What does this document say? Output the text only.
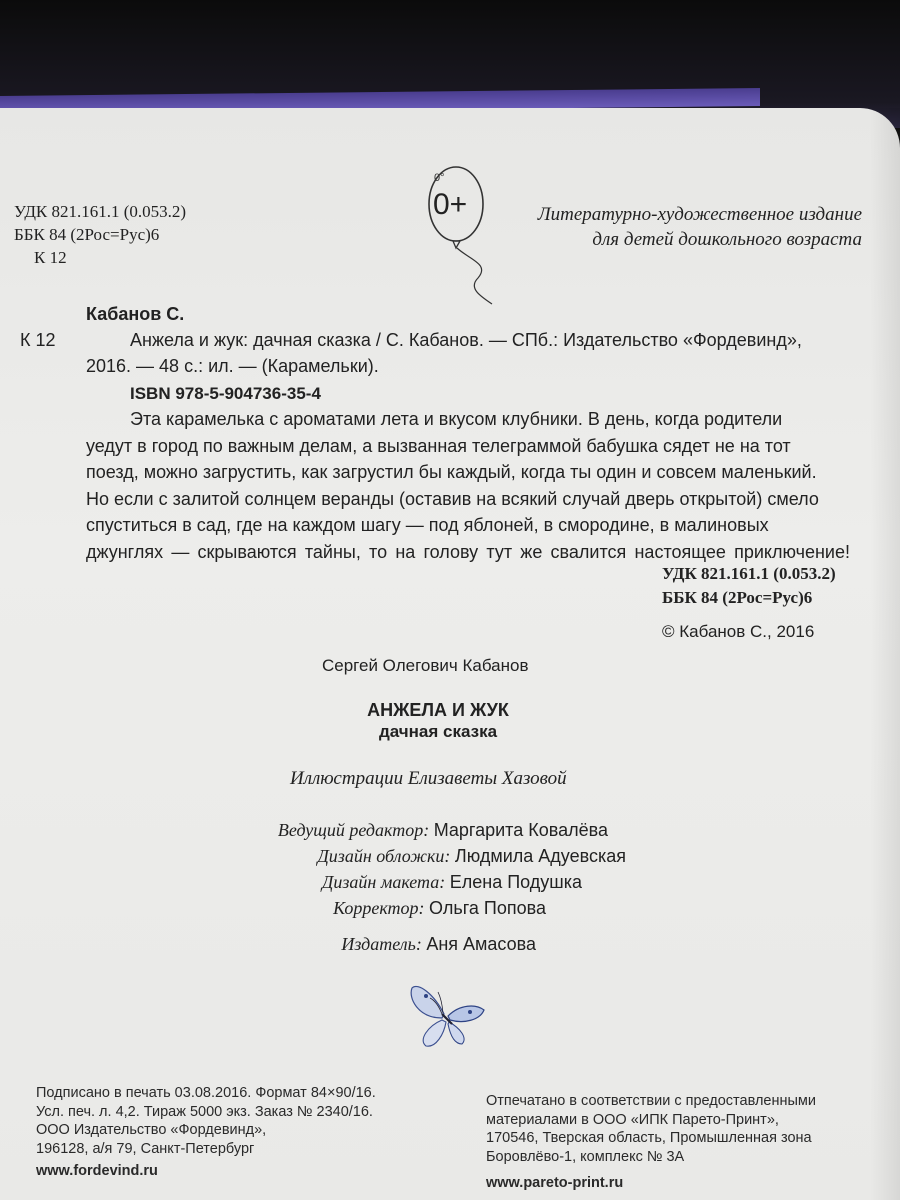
УДК 821.161.1 (0.053.2)
ББК 84 (2Рос=Рус)6
К 12
0°
0+	Литературно-художественное издание
для детей дошкольного возраста
Кабанов С.
К 12	Анжела и жук: дачная сказка / С. Кабанов. — СПб.: Издательство «Фордевинд»,
2016. — 48 с.: ил. — (Карамельки).
ISBN 978-5-904736-35-4

Эта карамелька с ароматами лета и вкусом клубники. В день, когда родители

уедут в город по важным делам, а вызванная телеграммой бабушка сядет не на тот

поезд, можно загрустить, как загрустил бы каждый, когда ты один и совсем маленький.

Но если с залитой солнцем веранды (оставив на всякий случай дверь открытой) смело

спуститься в сад, где на каждом шагу — под яблоней, в смородине, в малиновых

джунглях — скрываются тайны, то на голову тут же свалится настоящее приключение!

УДК 821.161.1 (0.053.2)
ББК 84 (2Рос=Рус)6
© Кабанов С., 2016
Сергей Олегович Кабанов
АНЖЕЛА И ЖУК
дачная сказка
Иллюстрации Елизаветы Хазовой
Ведущий редактор: Маргарита Ковалёва
Дизайн обложки: Людмила Адуевская
Дизайн макета: Елена Подушка
Корректор: Ольга Попова
Издатель: Аня Амасова
Подписано в печать 03.08.2016. Формат 84×90/16.
Усл. печ. л. 4,2. Тираж 5000 экз. Заказ № 2340/16.
ООО Издательство «Фордевинд»,
196128, а/я 79, Санкт-Петербург
www.fordevind.ru
Отпечатано в соответствии с предоставленными
материалами в ООО «ИПК Парето-Принт»,
170546, Тверская область, Промышленная зона
Боровлёво-1, комплекс № 3А
www.pareto-print.ru
